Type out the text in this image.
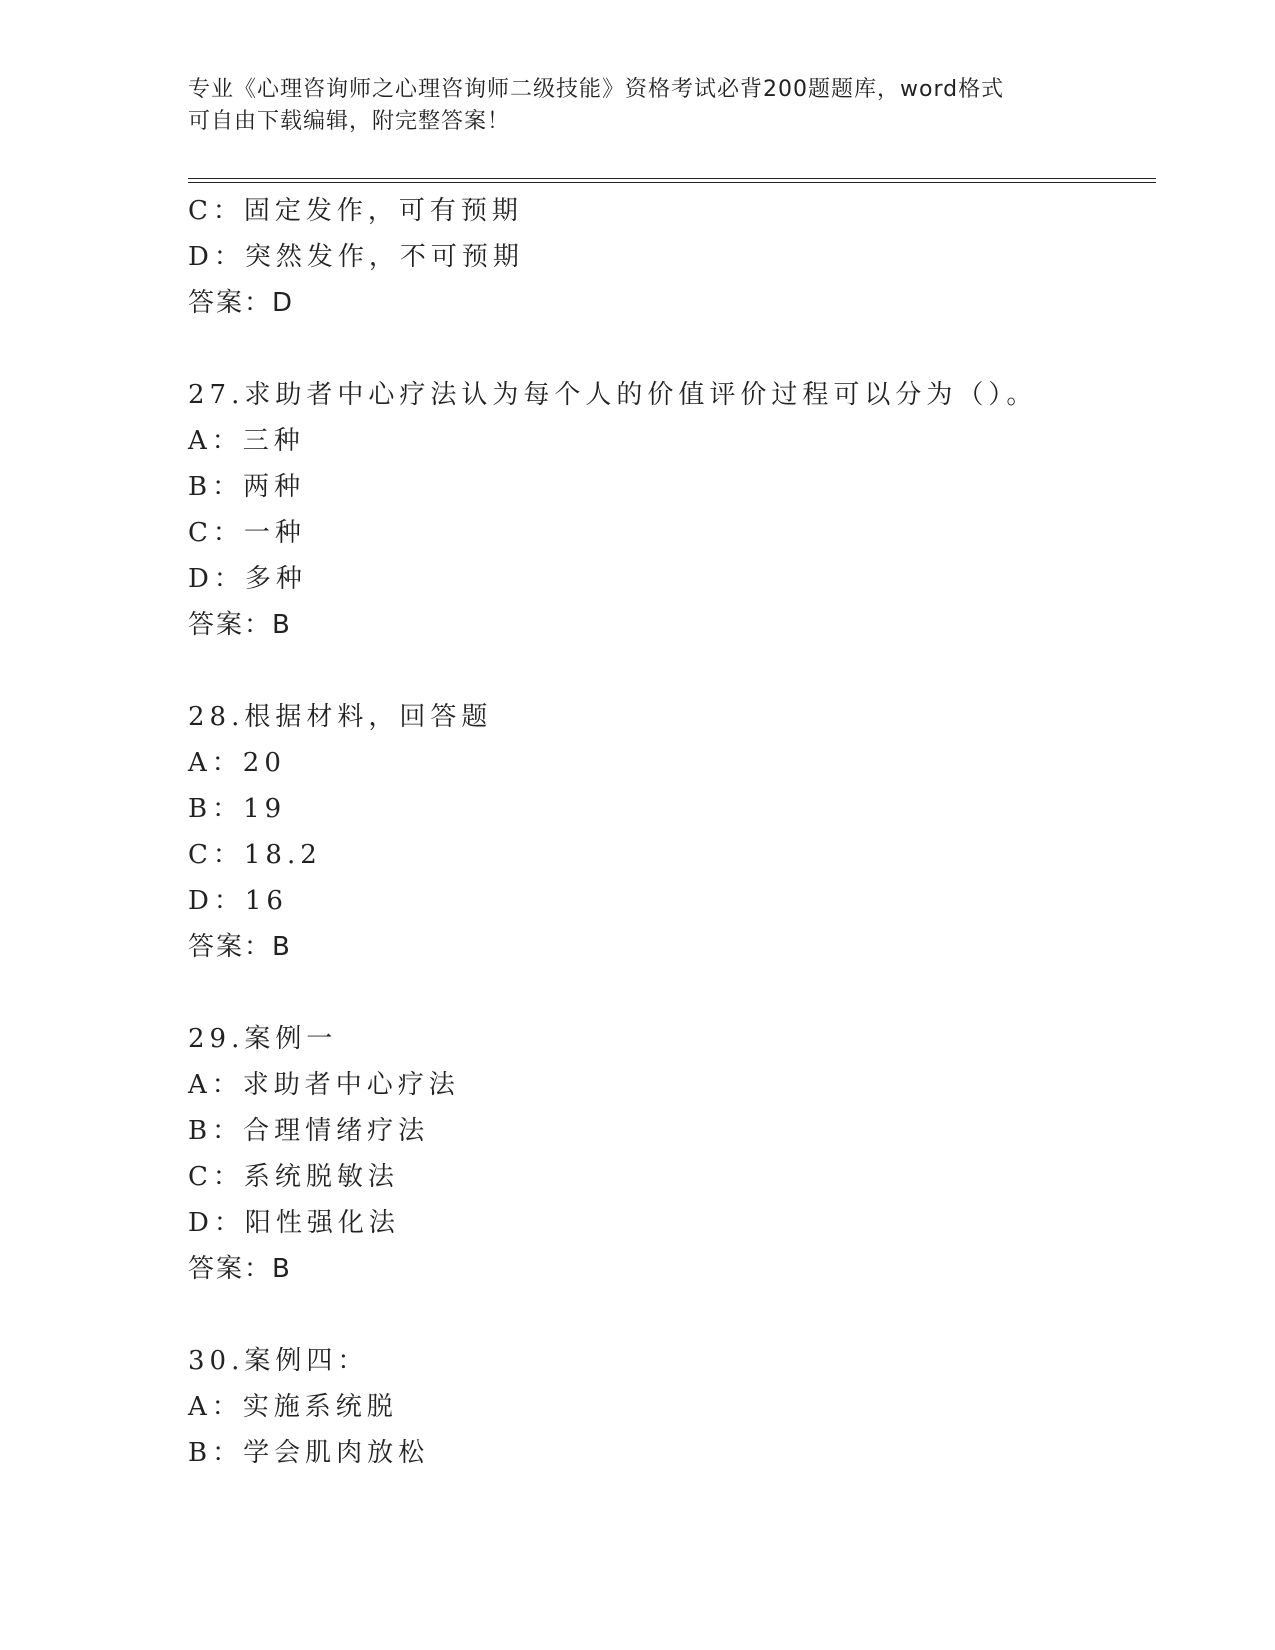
专业《心理咨询师之心理咨询师二级技能》资格考试必背200题题库，word格式
可自由下载编辑，附完整答案！
C：固定发作，可有预期
D：突然发作，不可预期
答案：D
27.求助者中心疗法认为每个人的价值评价过程可以分为（）。
A：三种
B：两种
C：一种
D：多种
答案：B
28.根据材料，回答题
A：20
B：19
C：18.2
D：16
答案：B
29.案例一
A：求助者中心疗法
B：合理情绪疗法
C：系统脱敏法
D：阳性强化法
答案：B
30.案例四：
A：实施系统脱
B：学会肌肉放松
